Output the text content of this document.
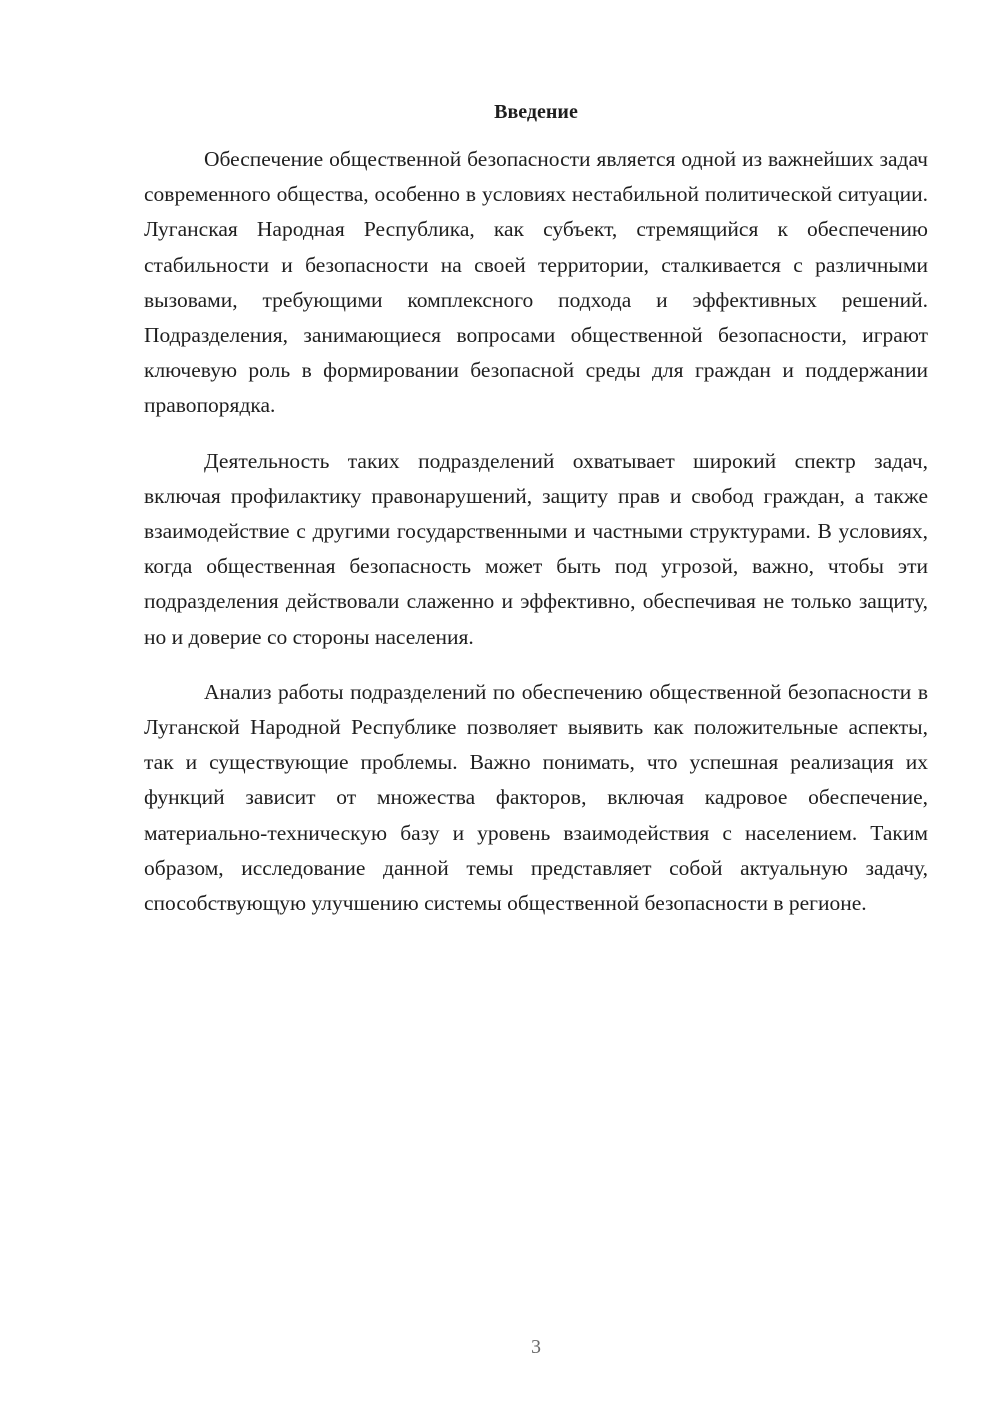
Введение

Обеспечение общественной безопасности является одной из важнейших задач современного общества, особенно в условиях нестабильной политической ситуации. Луганская Народная Республика, как субъект, стремящийся к обеспечению стабильности и безопасности на своей территории, сталкивается с различными вызовами, требующими комплексного подхода и эффективных решений. Подразделения, занимающиеся вопросами общественной безопасности, играют ключевую роль в формировании безопасной среды для граждан и поддержании правопорядка.

Деятельность таких подразделений охватывает широкий спектр задач, включая профилактику правонарушений, защиту прав и свобод граждан, а также взаимодействие с другими государственными и частными структурами. В условиях, когда общественная безопасность может быть под угрозой, важно, чтобы эти подразделения действовали слаженно и эффективно, обеспечивая не только защиту, но и доверие со стороны населения.

Анализ работы подразделений по обеспечению общественной безопасности в Луганской Народной Республике позволяет выявить как положительные аспекты, так и существующие проблемы. Важно понимать, что успешная реализация их функций зависит от множества факторов, включая кадровое обеспечение, материально-техническую базу и уровень взаимодействия с населением. Таким образом, исследование данной темы представляет собой актуальную задачу, способствующую улучшению системы общественной безопасности в регионе.

3
